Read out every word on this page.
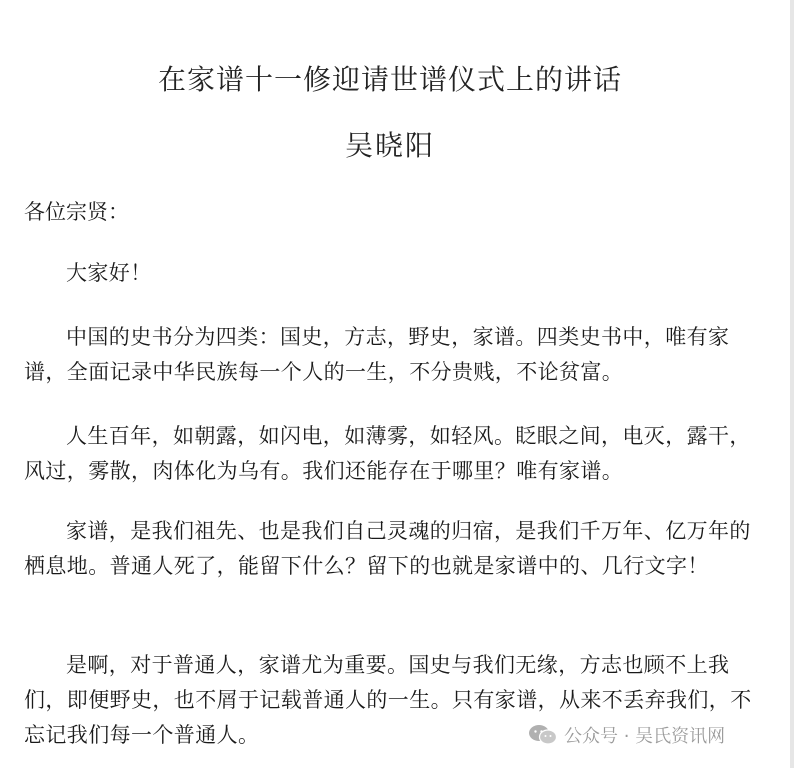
在家谱十一修迎请世谱仪式上的讲话
吴晓阳
各位宗贤：

大家好！

中国的史书分为四类：国史，方志，野史，家谱。四类史书中，唯有家谱，全面记录中华民族每一个人的一生，不分贵贱，不论贫富。

人生百年，如朝露，如闪电，如薄雾，如轻风。眨眼之间，电灭，露干，风过，雾散，肉体化为乌有。我们还能存在于哪里？唯有家谱。

家谱，是我们祖先、也是我们自己灵魂的归宿，是我们千万年、亿万年的栖息地。普通人死了，能留下什么？留下的也就是家谱中的、几行文字！

是啊，对于普通人，家谱尤为重要。国史与我们无缘，方志也顾不上我们，即便野史，也不屑于记载普通人的一生。只有家谱，从来不丢弃我们，不忘记我们每一个普通人。	公众号 · 吴氏资讯网
